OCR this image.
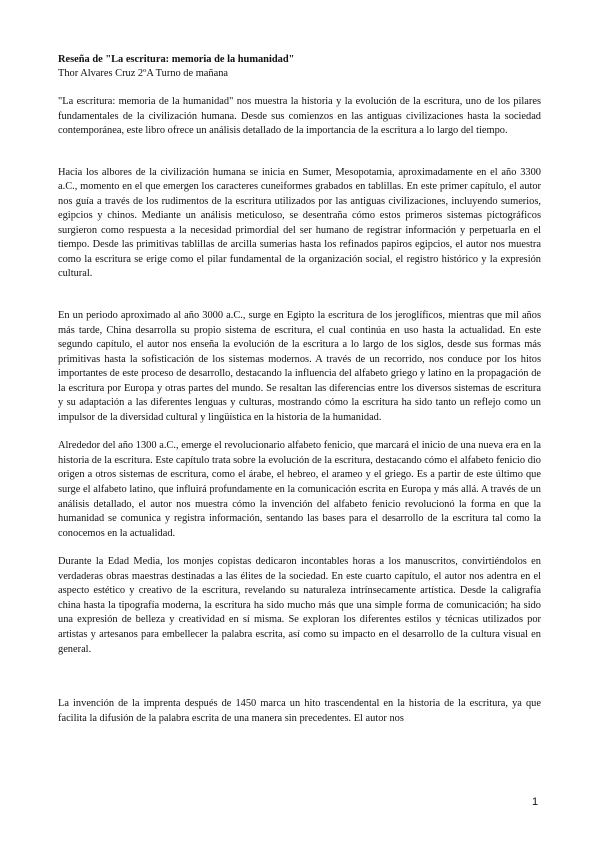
Reseña de "La escritura: memoria de la humanidad"
Thor Alvares Cruz 2ºA Turno de mañana

"La escritura: memoria de la humanidad" nos muestra la historia y la evolución de la escritura, uno de los pilares fundamentales de la civilización humana. Desde sus comienzos en las antiguas civilizaciones hasta la sociedad contemporánea, este libro ofrece un análisis detallado de la importancia de la escritura a lo largo del tiempo.

Hacia los albores de la civilización humana se inicia en Sumer, Mesopotamia, aproximadamente en el año 3300 a.C., momento en el que emergen los caracteres cuneiformes grabados en tablillas. En este primer capítulo, el autor nos guía a través de los rudimentos de la escritura utilizados por las antiguas civilizaciones, incluyendo sumerios, egipcios y chinos. Mediante un análisis meticuloso, se desentraña cómo estos primeros sistemas pictográficos surgieron como respuesta a la necesidad primordial del ser humano de registrar información y perpetuarla en el tiempo. Desde las primitivas tablillas de arcilla sumerias hasta los refinados papiros egipcios, el autor nos muestra como la escritura se erige como el pilar fundamental de la organización social, el registro histórico y la expresión cultural.

En un periodo aproximado al año 3000 a.C., surge en Egipto la escritura de los jeroglíficos, mientras que mil años más tarde, China desarrolla su propio sistema de escritura, el cual continúa en uso hasta la actualidad. En este segundo capítulo, el autor nos enseña la evolución de la escritura a lo largo de los siglos, desde sus formas más primitivas hasta la sofisticación de los sistemas modernos. A través de un recorrido, nos conduce por los hitos importantes de este proceso de desarrollo, destacando la influencia del alfabeto griego y latino en la propagación de la escritura por Europa y otras partes del mundo. Se resaltan las diferencias entre los diversos sistemas de escritura y su adaptación a las diferentes lenguas y culturas, mostrando cómo la escritura ha sido tanto un reflejo como un impulsor de la diversidad cultural y lingüística en la historia de la humanidad.

Alrededor del año 1300 a.C., emerge el revolucionario alfabeto fenicio, que marcará el inicio de una nueva era en la historia de la escritura. Este capítulo trata sobre la evolución de la escritura, destacando cómo el alfabeto fenicio dio origen a otros sistemas de escritura, como el árabe, el hebreo, el arameo y el griego. Es a partir de este último que surge el alfabeto latino, que influirá profundamente en la comunicación escrita en Europa y más allá. A través de un análisis detallado, el autor nos muestra cómo la invención del alfabeto fenicio revolucionó la forma en que la humanidad se comunica y registra información, sentando las bases para el desarrollo de la escritura tal como la conocemos en la actualidad.

Durante la Edad Media, los monjes copistas dedicaron incontables horas a los manuscritos, convirtiéndolos en verdaderas obras maestras destinadas a las élites de la sociedad. En este cuarto capítulo, el autor nos adentra en el aspecto estético y creativo de la escritura, revelando su naturaleza intrínsecamente artística. Desde la caligrafía china hasta la tipografía moderna, la escritura ha sido mucho más que una simple forma de comunicación; ha sido una expresión de belleza y creatividad en sí misma. Se exploran los diferentes estilos y técnicas utilizados por artistas y artesanos para embellecer la palabra escrita, así como su impacto en el desarrollo de la cultura visual en general.

La invención de la imprenta después de 1450 marca un hito trascendental en la historia de la escritura, ya que facilita la difusión de la palabra escrita de una manera sin precedentes. El autor nos

1
